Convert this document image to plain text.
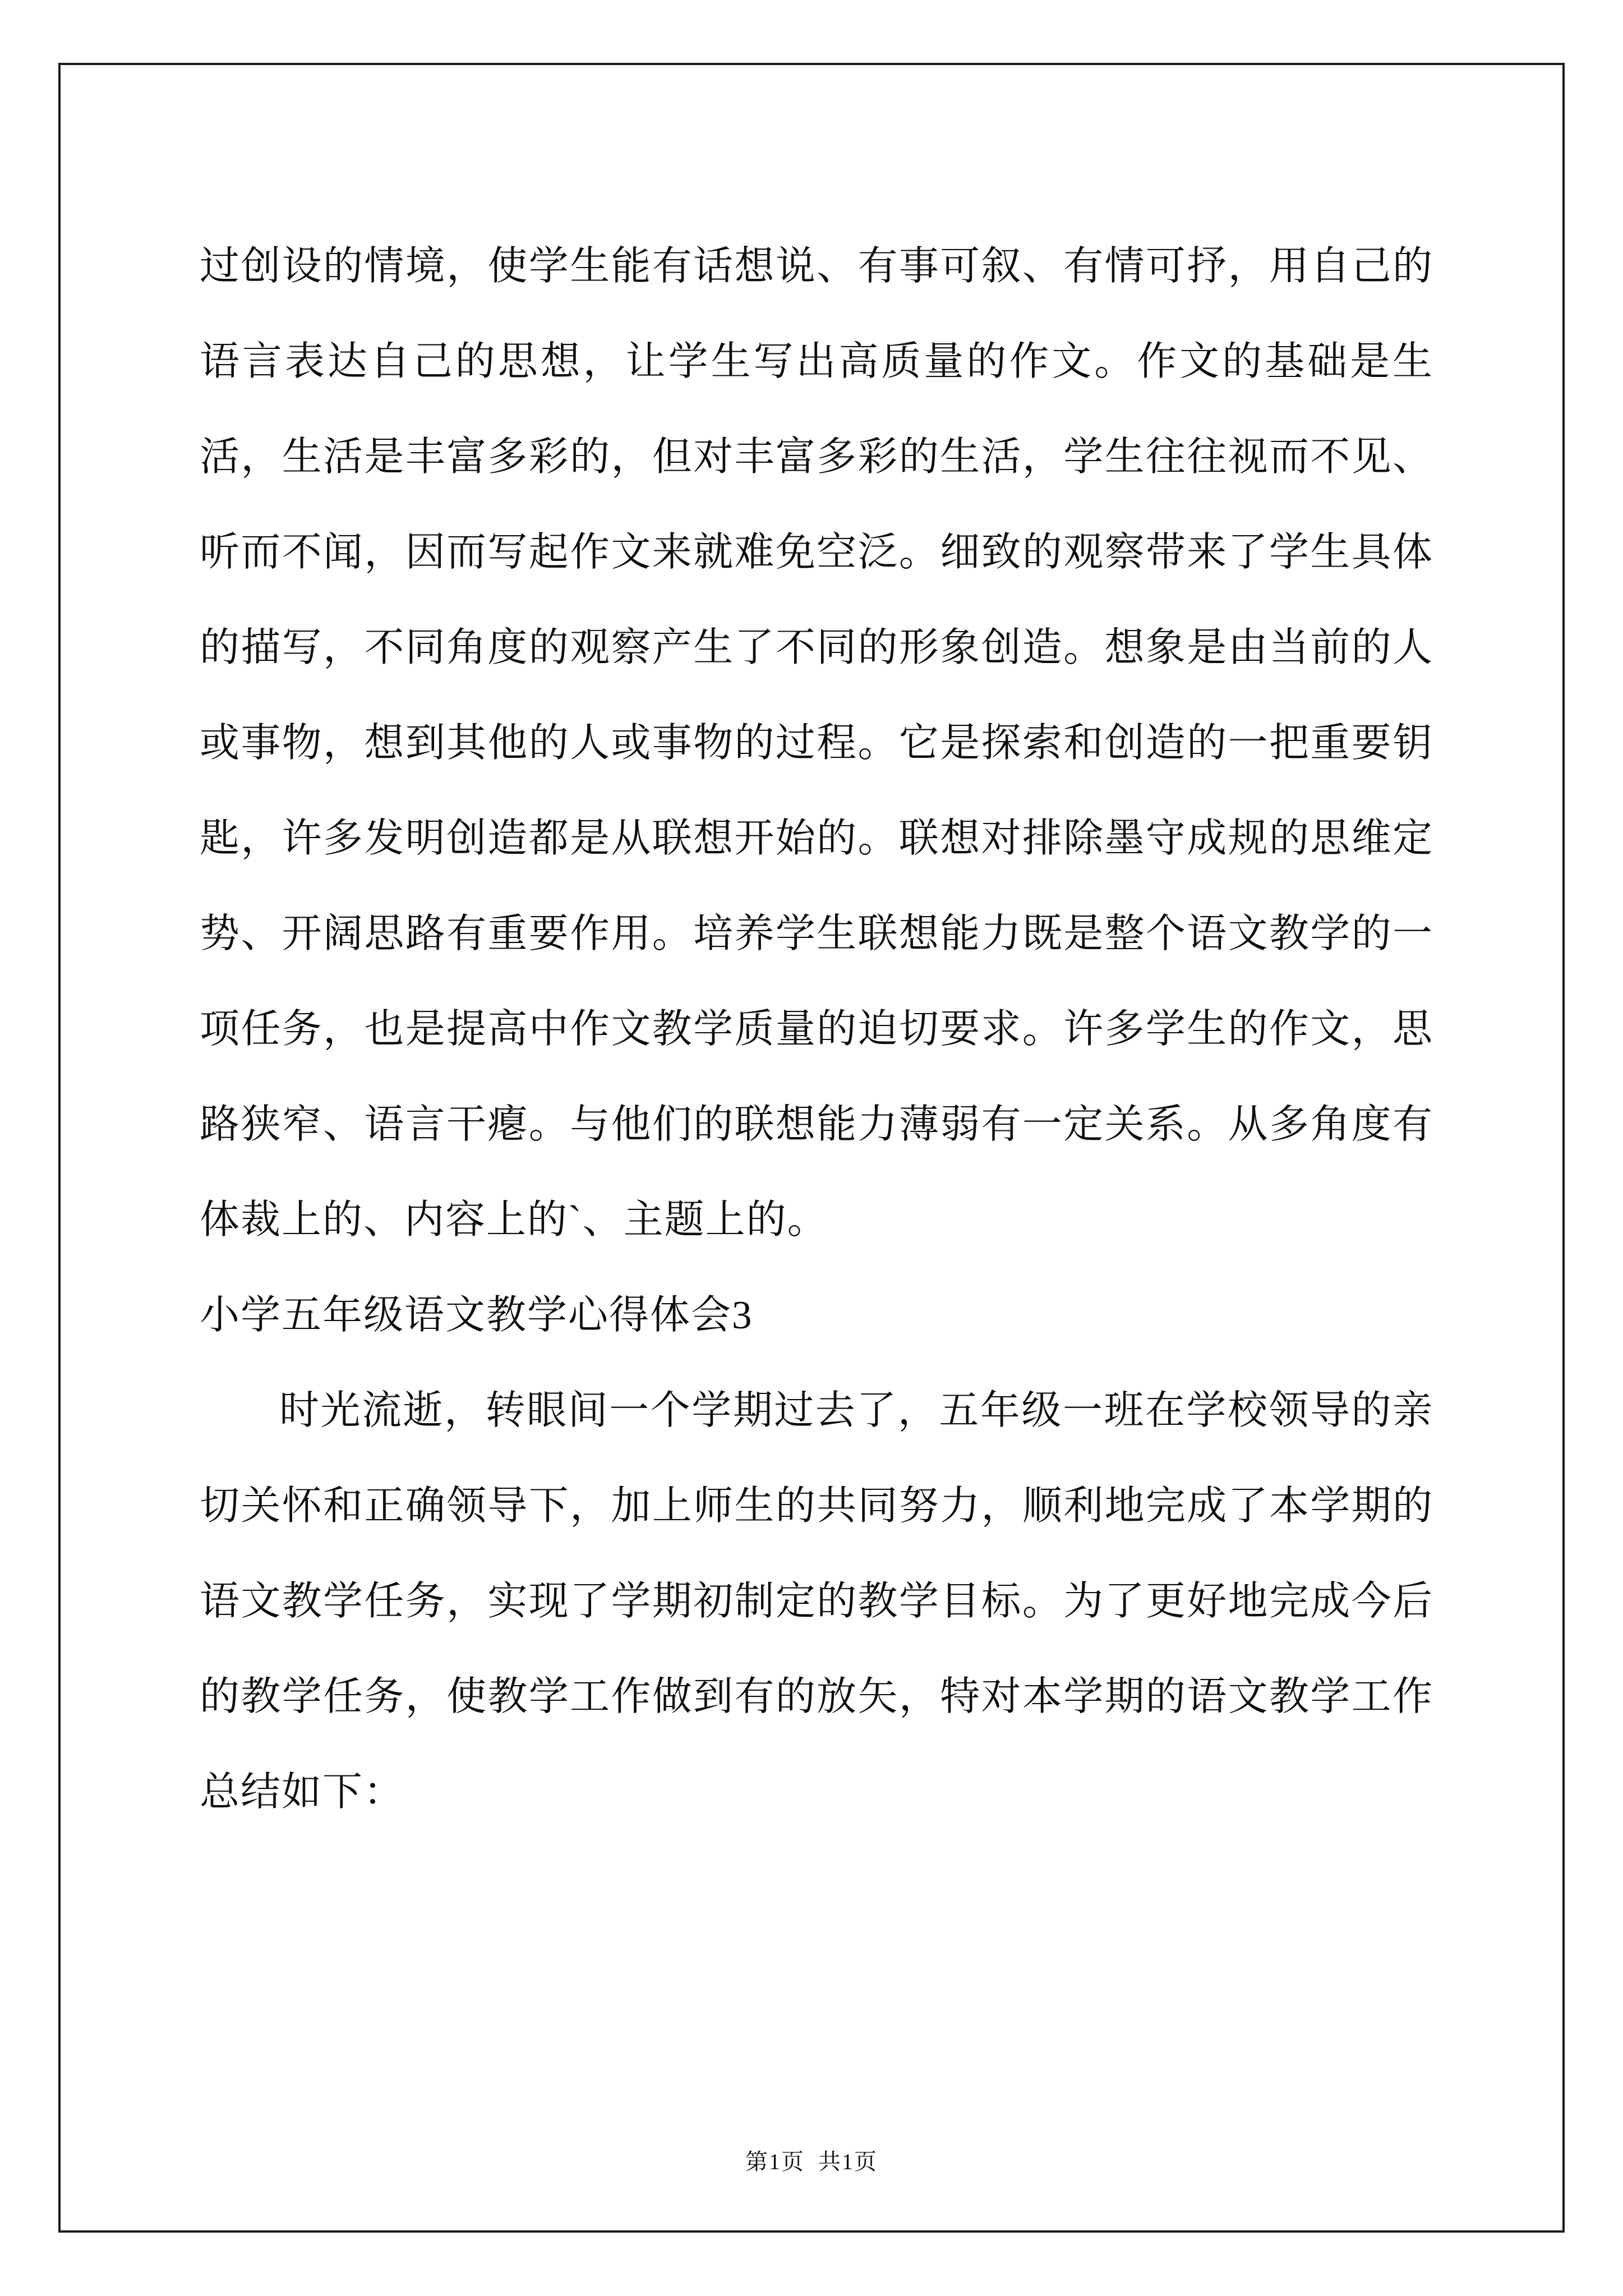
过创设的情境，使学生能有话想说、有事可叙、有情可抒，用自己的语言表达自己的思想，让学生写出高质量的作文。作文的基础是生活，生活是丰富多彩的，但对丰富多彩的生活，学生往往视而不见、听而不闻，因而写起作文来就难免空泛。细致的观察带来了学生具体的描写，不同角度的观察产生了不同的形象创造。想象是由当前的人或事物，想到其他的人或事物的过程。它是探索和创造的一把重要钥匙，许多发明创造都是从联想开始的。联想对排除墨守成规的思维定势、开阔思路有重要作用。培养学生联想能力既是整个语文教学的一项任务，也是提高中作文教学质量的迫切要求。许多学生的作文，思路狭窄、语言干瘪。与他们的联想能力薄弱有一定关系。从多角度有体裁上的、内容上的`、主题上的。

小学五年级语文教学心得体会3

时光流逝，转眼间一个学期过去了，五年级一班在学校领导的亲切关怀和正确领导下，加上师生的共同努力，顺利地完成了本学期的语文教学任务，实现了学期初制定的教学目标。为了更好地完成今后的教学任务，使教学工作做到有的放矢，特对本学期的语文教学工作总结如下：

第1页  共1页
